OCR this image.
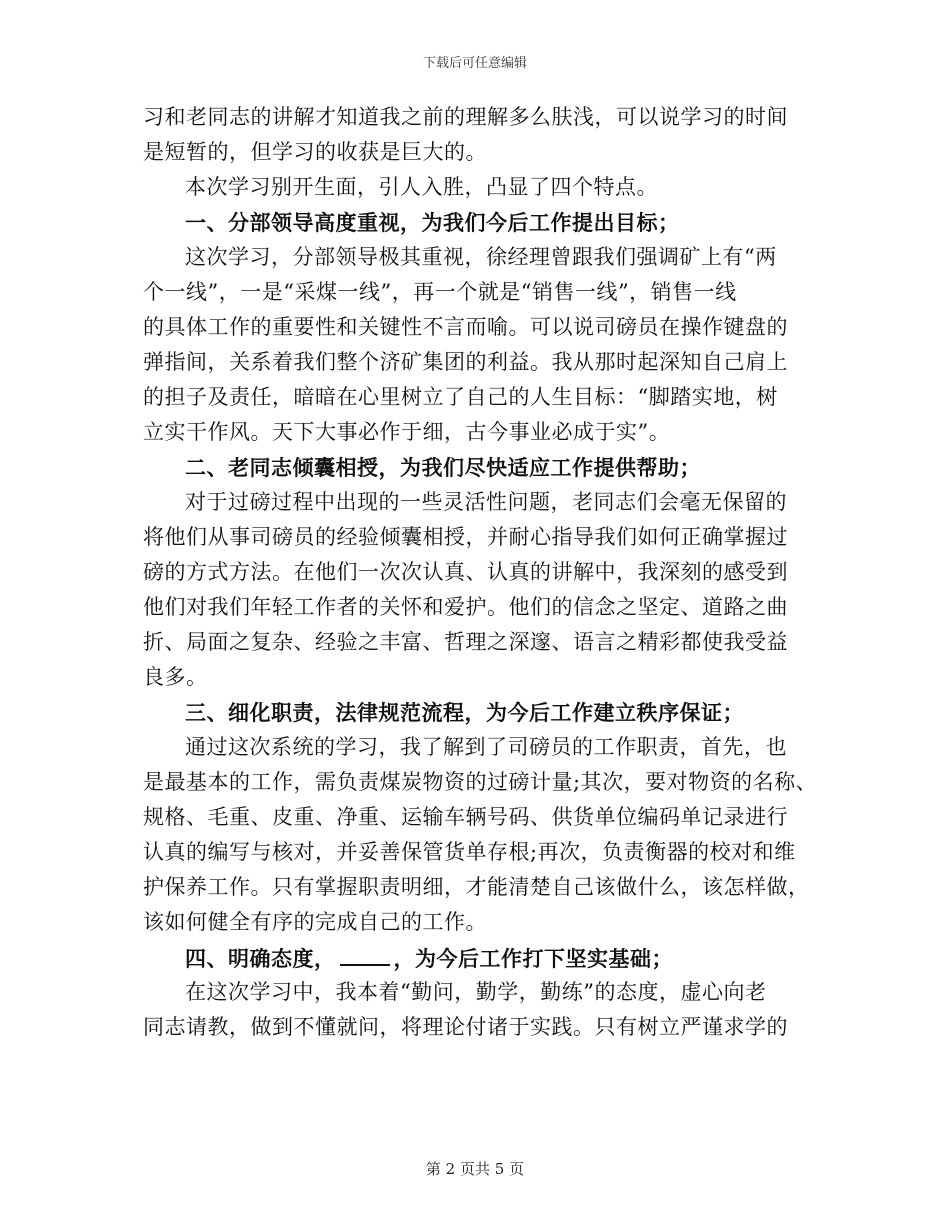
下载后可任意编辑
习和老同志的讲解才知道我之前的理解多么肤浅，可以说学习的时间
是短暂的，但学习的收获是巨大的。
本次学习别开生面，引人入胜，凸显了四个特点。
一、分部领导高度重视，为我们今后工作提出目标；
这次学习，分部领导极其重视，徐经理曾跟我们强调矿上有“两
个一线”，一是“采煤一线”，再一个就是“销售一线”，销售一线
的具体工作的重要性和关键性不言而喻。可以说司磅员在操作键盘的
弹指间，关系着我们整个济矿集团的利益。我从那时起深知自己肩上
的担子及责任，暗暗在心里树立了自己的人生目标：“脚踏实地，树
立实干作风。天下大事必作于细，古今事业必成于实”。
二、老同志倾囊相授，为我们尽快适应工作提供帮助；
对于过磅过程中出现的一些灵活性问题，老同志们会毫无保留的
将他们从事司磅员的经验倾囊相授，并耐心指导我们如何正确掌握过
磅的方式方法。在他们一次次认真、认真的讲解中，我深刻的感受到
他们对我们年轻工作者的关怀和爱护。他们的信念之坚定、道路之曲
折、局面之复杂、经验之丰富、哲理之深邃、语言之精彩都使我受益
良多。
三、细化职责，法律规范流程，为今后工作建立秩序保证；
通过这次系统的学习，我了解到了司磅员的工作职责，首先，也
是最基本的工作，需负责煤炭物资的过磅计量;其次，要对物资的名称、
规格、毛重、皮重、净重、运输车辆号码、供货单位编码单记录进行
认真的编写与核对，并妥善保管货单存根;再次，负责衡器的校对和维
护保养工作。只有掌握职责明细，才能清楚自己该做什么，该怎样做，
该如何健全有序的完成自己的工作。
四、明确态度，	，为今后工作打下坚实基础；
在这次学习中，我本着“勤问，勤学，勤练”的态度，虚心向老
同志请教，做到不懂就问，将理论付诸于实践。只有树立严谨求学的
第 2 页共 5 页
